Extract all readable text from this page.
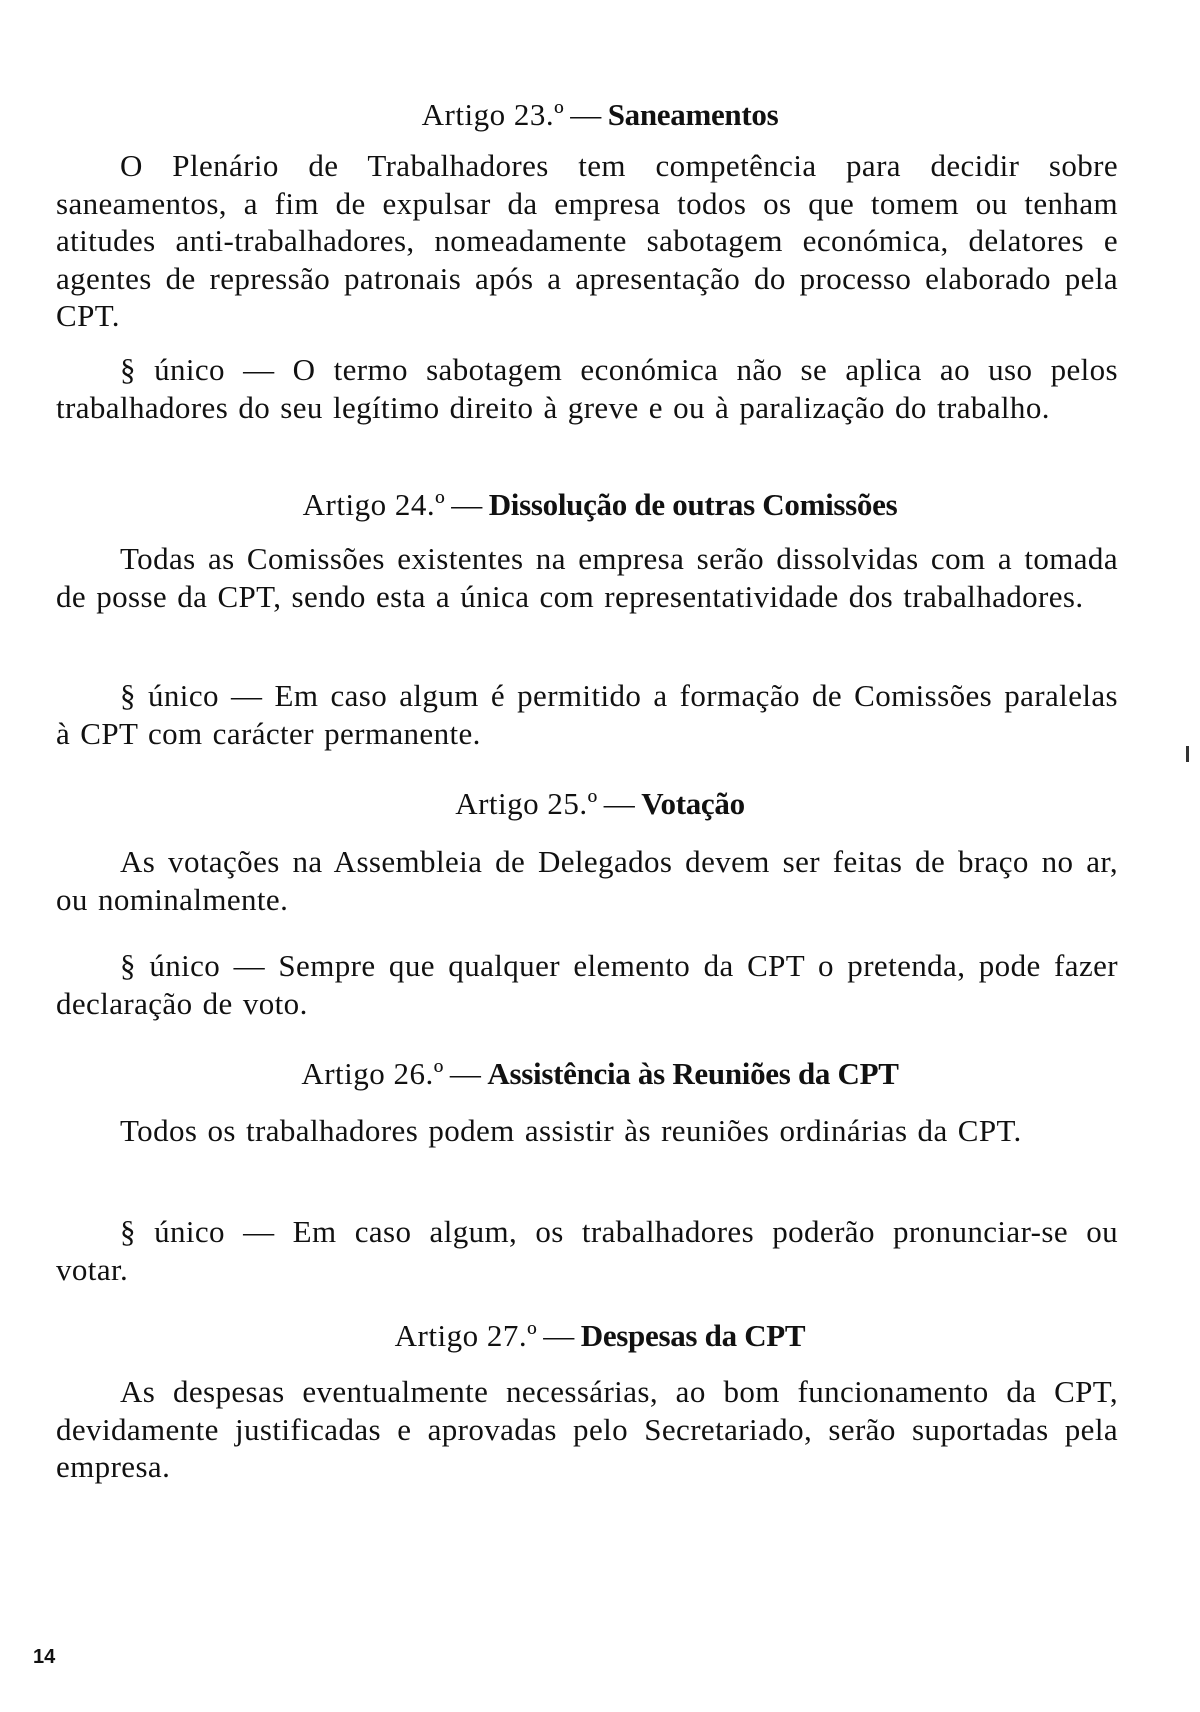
Artigo 23.º — Saneamentos
O Plenário de Trabalhadores tem competência para decidir sobre saneamentos, a fim de expulsar da empresa todos os que tomem ou tenham atitudes anti-trabalhadores, nomeadamente sabotagem económica, delatores e agentes de repressão patronais após a apresentação do processo elaborado pela CPT.
§ único — O termo sabotagem económica não se aplica ao uso pelos trabalhadores do seu legítimo direito à greve e ou à paralização do trabalho.
Artigo 24.º — Dissolução de outras Comissões
Todas as Comissões existentes na empresa serão dissolvidas com a tomada de posse da CPT, sendo esta a única com representatividade dos trabalhadores.
§ único — Em caso algum é permitido a formação de Comissões paralelas à CPT com carácter permanente.
Artigo 25.º — Votação
As votações na Assembleia de Delegados devem ser feitas de braço no ar, ou nominalmente.
§ único — Sempre que qualquer elemento da CPT o pretenda, pode fazer declaração de voto.
Artigo 26.º — Assistência às Reuniões da CPT
Todos os trabalhadores podem assistir às reuniões ordinárias da CPT.
§ único — Em caso algum, os trabalhadores poderão pronunciar-se ou votar.
Artigo 27.º — Despesas da CPT
As despesas eventualmente necessárias, ao bom funcionamento da CPT, devidamente justificadas e aprovadas pelo Secretariado, serão suportadas pela empresa.
14
